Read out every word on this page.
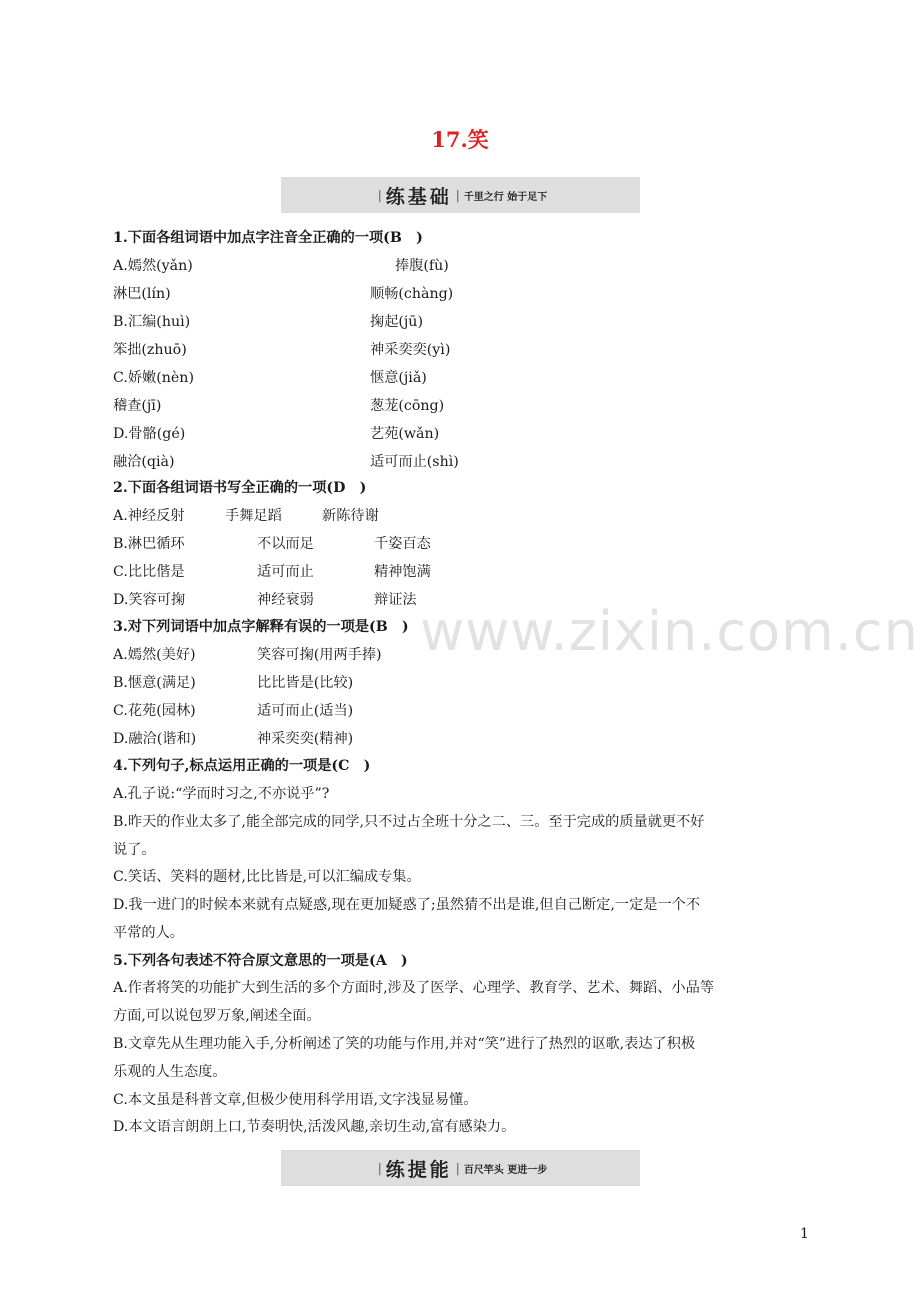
17.笑
| 练基础 | 千里之行 始于足下
1.下面各组词语中加点字注音全正确的一项(B　)
A.嫣然(yǎn)	捧腹(fù)
淋巴(lín)	顺畅(chàng)
B.汇编(huì)	掬起(jū)
笨拙(zhuō)	神采奕奕(yì)
C.娇嫩(nèn)	惬意(jiǎ)
稽查(jī)	葱茏(cōng)
D.骨骼(gé)	艺苑(wǎn)
融洽(qià)	适可而止(shì)
2.下面各组词语书写全正确的一项(D　)
A.神经反射	手舞足蹈	新陈待谢
B.淋巴循环	不以而足	千姿百态
C.比比偕是	适可而止	精神饱满
D.笑容可掬	神经衰弱	辩证法
3.对下列词语中加点字解释有误的一项是(B　)
A.嫣然(美好)	笑容可掬(用两手捧)
B.惬意(满足)	比比皆是(比较)
C.花苑(园林)	适可而止(适当)
D.融洽(谐和)	神采奕奕(精神)
4.下列句子,标点运用正确的一项是(C　)
A.孔子说:“学而时习之,不亦说乎”?
B.昨天的作业太多了,能全部完成的同学,只不过占全班十分之二、三。至于完成的质量就更不好
说了。
C.笑话、笑料的题材,比比皆是,可以汇编成专集。
D.我一进门的时候本来就有点疑惑,现在更加疑惑了;虽然猜不出是谁,但自己断定,一定是一个不
平常的人。
5.下列各句表述不符合原文意思的一项是(A　)
A.作者将笑的功能扩大到生活的多个方面时,涉及了医学、心理学、教育学、艺术、舞蹈、小品等
方面,可以说包罗万象,阐述全面。
B.文章先从生理功能入手,分析阐述了笑的功能与作用,并对“笑”进行了热烈的讴歌,表达了积极
乐观的人生态度。
C.本文虽是科普文章,但极少使用科学用语,文字浅显易懂。
D.本文语言朗朗上口,节奏明快,活泼风趣,亲切生动,富有感染力。
| 练提能 | 百尺竿头 更进一步
www.zixin.com.cn
1
